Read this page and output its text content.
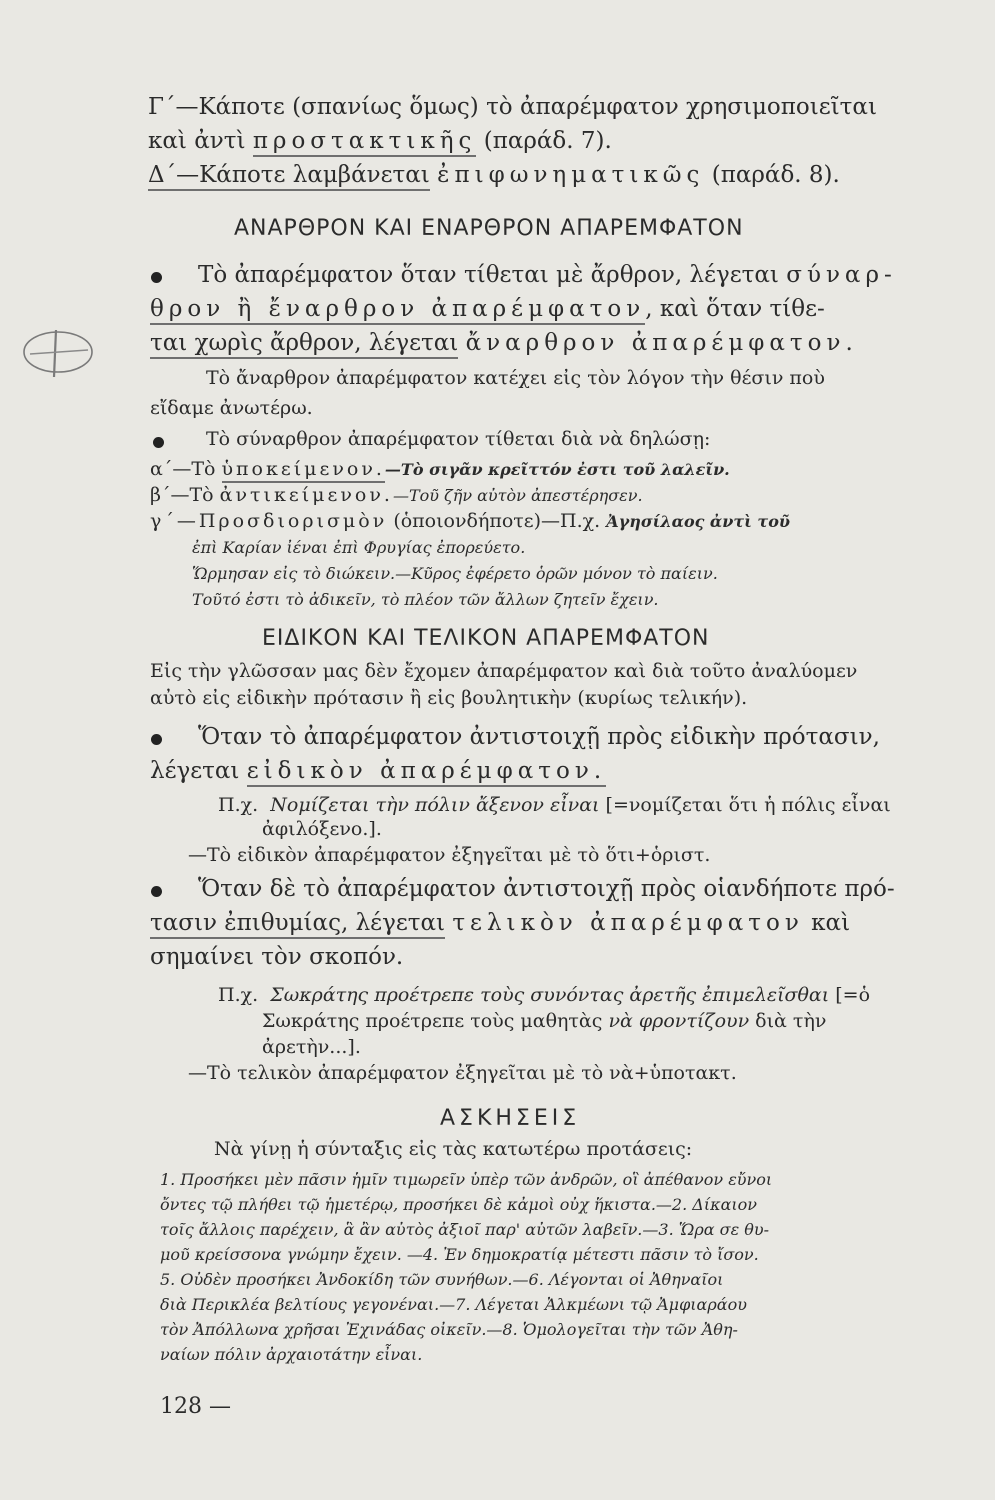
Γ΄—Κάποτε (σπανίως ὅμως) τὸ ἀπαρέμφατον χρησιμοποιεῖται
καὶ ἀντὶ προστακτικῆς (παράδ. 7).
Δ΄—Κάποτε λαμβάνεται ἐπιφωνηματικῶς (παράδ. 8).
ΑΝΑΡΘΡΟΝ ΚΑΙ ΕΝΑΡΘΡΟΝ ΑΠΑΡΕΜΦΑΤΟΝ
Τὸ ἀπαρέμφατον ὅταν τίθεται μὲ ἄρθρον, λέγεται σύναρ-
θρον ἢ ἔναρθρον ἀπαρέμφατον, καὶ ὅταν τίθε-
ται χωρὶς ἄρθρον, λέγεται ἄναρθρον ἀπαρέμφατον.
Τὸ ἄναρθρον ἀπαρέμφατον κατέχει εἰς τὸν λόγον τὴν θέσιν ποὺ
εἴδαμε ἀνωτέρω.
Τὸ σύναρθρον ἀπαρέμφατον τίθεται διὰ νὰ δηλώσῃ:
α΄—Τὸ ὑποκείμενον.—Τὸ σιγᾶν κρεῖττόν ἐστι τοῦ λαλεῖν.
β΄—Τὸ ἀντικείμενον.—Τοῦ ζῆν αὐτὸν ἀπεστέρησεν.
γ΄—Προσδιορισμὸν (ὁποιονδήποτε)—Π.χ. Ἀγησίλαος ἀντὶ τοῦ
ἐπὶ Καρίαν ἰέναι ἐπὶ Φρυγίας ἐπορεύετο.
Ὥρμησαν εἰς τὸ διώκειν.—Κῦρος ἐφέρετο ὁρῶν μόνον τὸ παίειν.
Τοῦτό ἐστι τὸ ἀδικεῖν, τὸ πλέον τῶν ἄλλων ζητεῖν ἔχειν.
ΕΙΔΙΚΟΝ ΚΑΙ ΤΕΛΙΚΟΝ ΑΠΑΡΕΜΦΑΤΟΝ
Εἰς τὴν γλῶσσαν μας δὲν ἔχομεν ἀπαρέμφατον καὶ διὰ τοῦτο ἀναλύομεν
αὐτὸ εἰς εἰδικὴν πρότασιν ἢ εἰς βουλητικὴν (κυρίως τελικήν).
Ὅταν τὸ ἀπαρέμφατον ἀντιστοιχῇ πρὸς εἰδικὴν πρότασιν,
λέγεται εἰδικὸν ἀπαρέμφατον.
Π.χ. Νομίζεται τὴν πόλιν ἄξενον εἶναι [=νομίζεται ὅτι ἡ πόλις εἶναι
ἀφιλόξενο.].
—Τὸ εἰδικὸν ἀπαρέμφατον ἐξηγεῖται μὲ τὸ ὅτι+ὁριστ.
Ὅταν δὲ τὸ ἀπαρέμφατον ἀντιστοιχῇ πρὸς οἱανδήποτε πρό-
τασιν ἐπιθυμίας, λέγεται τελικὸν ἀπαρέμφατον καὶ
σημαίνει τὸν σκοπόν.
Π.χ. Σωκράτης προέτρεπε τοὺς συνόντας ἀρετῆς ἐπιμελεῖσθαι [=ὁ
Σωκράτης προέτρεπε τοὺς μαθητὰς νὰ φροντίζουν διὰ τὴν
ἀρετὴν...].
—Τὸ τελικὸν ἀπαρέμφατον ἐξηγεῖται μὲ τὸ νὰ+ὑποτακτ.
ΑΣΚΗΣΕΙΣ
Νὰ γίνῃ ἡ σύνταξις εἰς τὰς κατωτέρω προτάσεις:
1. Προσήκει μὲν πᾶσιν ἡμῖν τιμωρεῖν ὑπὲρ τῶν ἀνδρῶν, οἳ ἀπέθανον εὔνοι
ὄντες τῷ πλήθει τῷ ἡμετέρῳ, προσήκει δὲ κἀμοὶ οὐχ ἥκιστα.—2. Δίκαιον
τοῖς ἄλλοις παρέχειν, ἃ ἂν αὐτὸς ἀξιοῖ παρ' αὐτῶν λαβεῖν.—3. Ὥρα σε θυ-
μοῦ κρείσσονα γνώμην ἔχειν. —4. Ἐν δημοκρατίᾳ μέτεστι πᾶσιν τὸ ἴσον.
5. Οὐδὲν προσήκει Ἀνδοκίδη τῶν συνήθων.—6. Λέγονται οἱ Ἀθηναῖοι
διὰ Περικλέα βελτίους γεγονέναι.—7. Λέγεται Ἀλκμέωνι τῷ Ἀμφιαράου
τὸν Ἀπόλλωνα χρῆσαι Ἐχινάδας οἰκεῖν.—8. Ὁμολογεῖται τὴν τῶν Ἀθη-
ναίων πόλιν ἀρχαιοτάτην εἶναι.
128 —
